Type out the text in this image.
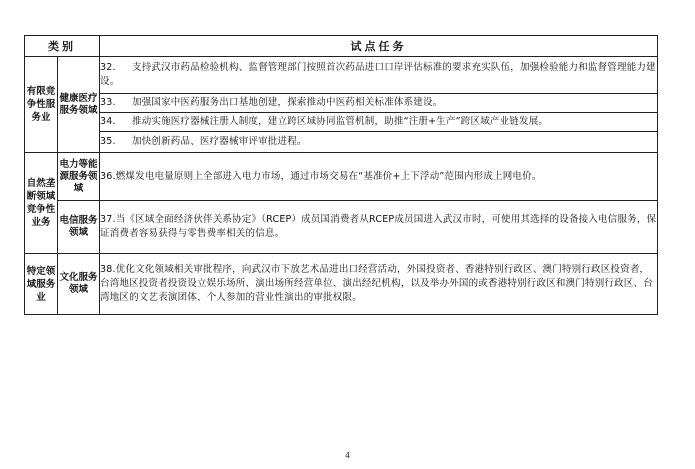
类别		试点任务
有限竞争性服务业	健康医疗服务领域	32. 支持武汉市药品检验机构、监督管理部门按照首次药品进口口岸评估标准的要求充实队伍，加强检验能力和监督管理能力建设。
		33. 加强国家中医药服务出口基地创建，探索推动中医药相关标准体系建设。
		34. 推动实施医疗器械注册人制度，建立跨区域协同监管机制，助推“注册+生产”跨区域产业链发展。
		35. 加快创新药品、医疗器械审评审批进程。
自然垄断领域竞争性业务	电力等能源服务领域	36.燃煤发电电量原则上全部进入电力市场，通过市场交易在“基准价+上下浮动”范围内形成上网电价。
	电信服务领域	37.当《区域全面经济伙伴关系协定》（RCEP）成员国消费者从RCEP成员国进入武汉市时，可使用其选择的设备接入电信服务，保证消费者容易获得与零售费率相关的信息。
特定领域服务业	文化服务领域	38.优化文化领域相关审批程序，向武汉市下放艺术品进出口经营活动，外国投资者、香港特别行政区、澳门特别行政区投资者，台湾地区投资者投资设立娱乐场所、演出场所经营单位、演出经纪机构，以及举办外国的或香港特别行政区和澳门特别行政区、台湾地区的文艺表演团体、个人参加的营业性演出的审批权限。
4
